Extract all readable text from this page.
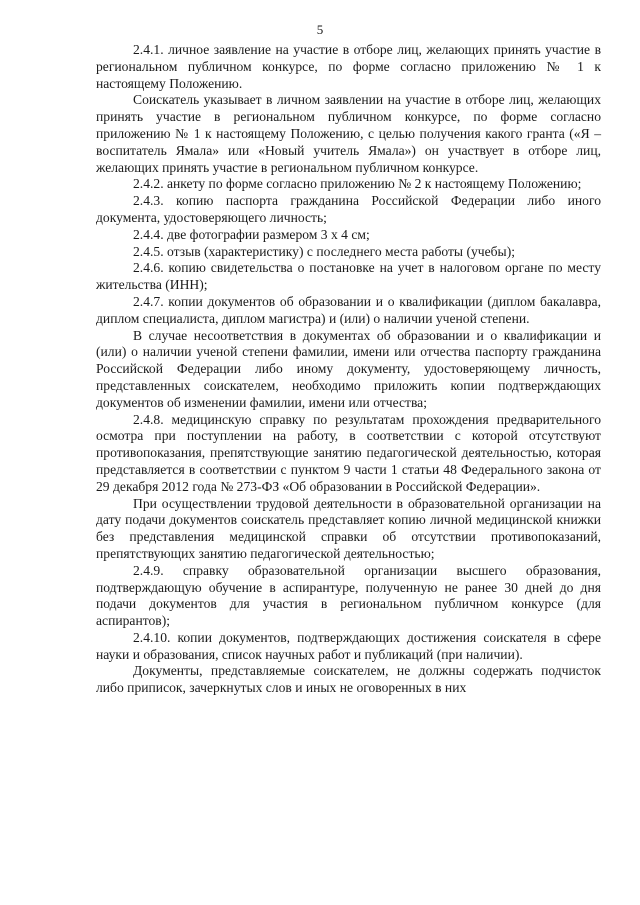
5

2.4.1. личное заявление на участие в отборе лиц, желающих принять участие в региональном публичном конкурсе, по форме согласно приложению № 1 к настоящему Положению.

Соискатель указывает в личном заявлении на участие в отборе лиц, желающих принять участие в региональном публичном конкурсе, по форме согласно приложению № 1 к настоящему Положению, с целью получения какого гранта («Я – воспитатель Ямала» или «Новый учитель Ямала») он участвует в отборе лиц, желающих принять участие в региональном публичном конкурсе.

2.4.2. анкету по форме согласно приложению № 2 к настоящему Положению;

2.4.3. копию паспорта гражданина Российской Федерации либо иного документа, удостоверяющего личность;

2.4.4. две фотографии размером 3 х 4 см;

2.4.5. отзыв (характеристику) с последнего места работы (учебы);

2.4.6. копию свидетельства о постановке на учет в налоговом органе по месту жительства (ИНН);

2.4.7. копии документов об образовании и о квалификации (диплом бакалавра, диплом специалиста, диплом магистра) и (или) о наличии ученой степени.

В случае несоответствия в документах об образовании и о квалификации и (или) о наличии ученой степени фамилии, имени или отчества паспорту гражданина Российской Федерации либо иному документу, удостоверяющему личность, представленных соискателем, необходимо приложить копии подтверждающих документов об изменении фамилии, имени или отчества;

2.4.8. медицинскую справку по результатам прохождения предварительного осмотра при поступлении на работу, в соответствии с которой отсутствуют противопоказания, препятствующие занятию педагогической деятельностью, которая представляется в соответствии с пунктом 9 части 1 статьи 48 Федерального закона от 29 декабря 2012 года № 273-ФЗ «Об образовании в Российской Федерации».

При осуществлении трудовой деятельности в образовательной организации на дату подачи документов соискатель представляет копию личной медицинской книжки без представления медицинской справки об отсутствии противопоказаний, препятствующих занятию педагогической деятельностью;

2.4.9. справку образовательной организации высшего образования, подтверждающую обучение в аспирантуре, полученную не ранее 30 дней до дня подачи документов для участия в региональном публичном конкурсе (для аспирантов);

2.4.10. копии документов, подтверждающих достижения соискателя в сфере науки и образования, список научных работ и публикаций (при наличии).

Документы, представляемые соискателем, не должны содержать подчисток либо приписок, зачеркнутых слов и иных не оговоренных в них
